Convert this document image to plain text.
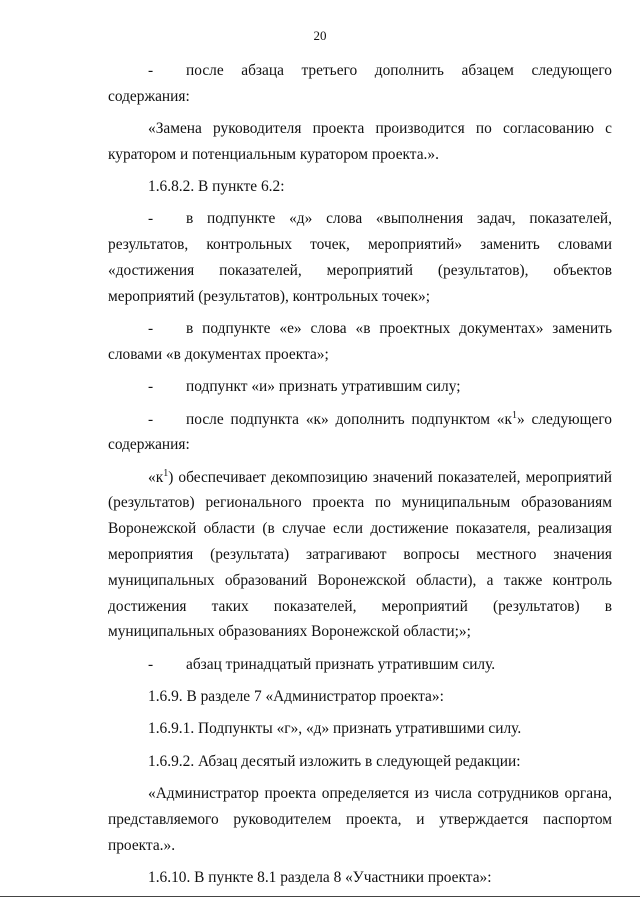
20

- после абзаца третьего дополнить абзацем следующего содержания:

«Замена руководителя проекта производится по согласованию с куратором и потенциальным куратором проекта.».

1.6.8.2. В пункте 6.2:

- в подпункте «д» слова «выполнения задач, показателей, результатов, контрольных точек, мероприятий» заменить словами «достижения показателей, мероприятий (результатов), объектов мероприятий (результатов), контрольных точек»;

- в подпункте «е» слова «в проектных документах» заменить словами «в документах проекта»;

- подпункт «и» признать утратившим силу;

- после подпункта «к» дополнить подпунктом «$к^1$» следующего содержания:

«$к^1$) обеспечивает декомпозицию значений показателей, мероприятий (результатов) регионального проекта по муниципальным образованиям Воронежской области (в случае если достижение показателя, реализация мероприятия (результата) затрагивают вопросы местного значения муниципальных образований Воронежской области), а также контроль достижения таких показателей, мероприятий (результатов) в муниципальных образованиях Воронежской области;»;

- абзац тринадцатый признать утратившим силу.

1.6.9. В разделе 7 «Администратор проекта»:

1.6.9.1. Подпункты «г», «д» признать утратившими силу.

1.6.9.2. Абзац десятый изложить в следующей редакции:

«Администратор проекта определяется из числа сотрудников органа, представляемого руководителем проекта, и утверждается паспортом проекта.».

1.6.10. В пункте 8.1 раздела 8 «Участники проекта»:
